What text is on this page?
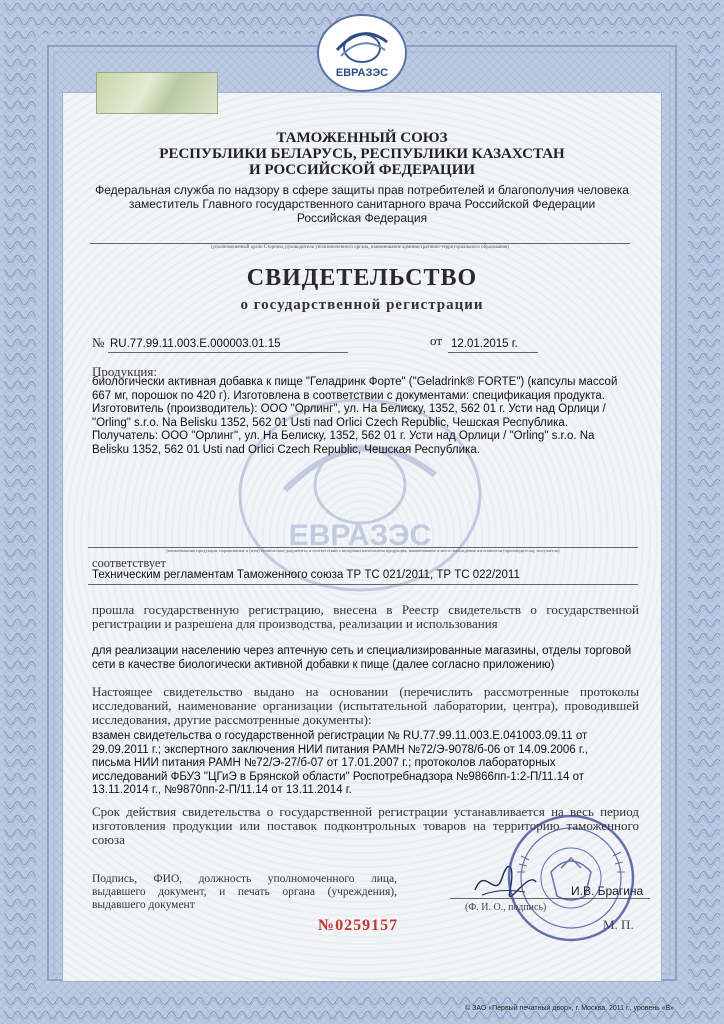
ЕВРАЗЭС
ЕВРАЗЭС
ТАМОЖЕННЫЙ СОЮЗ
РЕСПУБЛИКИ БЕЛАРУСЬ, РЕСПУБЛИКИ КАЗАХСТАН
И РОССИЙСКОЙ ФЕДЕРАЦИИ
Федеральная служба по надзору в сфере защиты прав потребителей и благополучия человека
заместитель Главного государственного санитарного врача Российской Федерации
Российская Федерация
(уполномоченный орган Стороны, руководитель уполномоченного органа, наименование административно-территориального образования)
СВИДЕТЕЛЬСТВО
о государственной регистрации
№ RU.77.99.11.003.Е.000003.01.15	от 12.01.2015 г.
Продукция:
биологически активная добавка к пище "Геладринк Форте" ("Geladrink® FORTE") (капсулы массой
667 мг, порошок по 420 г). Изготовлена в соответствии с документами: спецификация продукта.
Изготовитель (производитель): ООО "Орлинг", ул. На Белиску, 1352, 562 01 г. Усти над Орлици /
"Orling" s.r.o. Na Belisku 1352, 562 01 Usti nad Orlici Czech Republic, Чешская Республика.
Получатель: ООО "Орлинг", ул. На Белиску, 1352, 562 01 г. Усти над Орлици / "Orling" s.r.o. Na
Belisku 1352, 562 01 Usti nad Orlici Czech Republic, Чешская Республика.
(наименование продукции, нормативные и (или) технические документы, в соответствии с которыми изготовлена продукция, наименование и место нахождения изготовителя (производителя), получателя)
соответствует
Техническим регламентам Таможенного союза ТР ТС 021/2011, ТР ТС 022/2011
прошла государственную регистрацию, внесена в Реестр свидетельств о государственной регистрации и разрешена для производства, реализации и использования
для реализации населению через аптечную сеть и специализированные магазины, отделы торговой
сети в качестве биологически активной добавки к пище (далее согласно приложению)
Настоящее свидетельство выдано на основании (перечислить рассмотренные протоколы исследований, наименование организации (испытательной лаборатории, центра), проводившей исследования, другие рассмотренные документы):
взамен свидетельства о государственной регистрации № RU.77.99.11.003.Е.041003.09.11 от
29.09.2011 г.; экспертного заключения НИИ питания РАМН №72/Э-9078/б-06 от 14.09.2006 г.,
письма НИИ питания РАМН №72/Э-27/б-07 от 17.01.2007 г.; протоколов лабораторных
исследований ФБУЗ "ЦГиЭ в Брянской области" Роспотребнадзора №9866пп-1:2-П/11.14 от
13.11.2014 г., №9870пп-2-П/11.14 от 13.11.2014 г.
Срок действия свидетельства о государственной регистрации устанавливается на весь период изготовления продукции или поставок подконтрольных товаров на территорию таможенного союза
Подпись, ФИО, должность уполномоченного лица, выдавшего документ, и печать органа (учреждения), выдавшего документ
И.В. Брагина
(Ф. И. О., подпись)
М. П.
№0259157
© ЗАО «Первый печатный двор», г. Москва, 2011 г., уровень «В».
